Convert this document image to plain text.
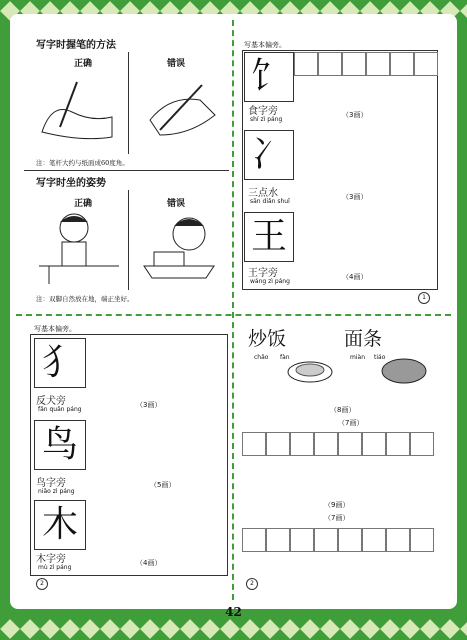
写字时握笔的方法
正确	错误
注：笔杆大约与纸面成60度角。
写字时坐的姿势
正确	错误
注：双脚自然放在地，端正坐好。
写基本偏旁。
饣
食字旁
shí zì páng
（3画）
冫
三点水
sān diǎn shuǐ
（3画）
王
王字旁
wáng zì páng
（4画）
1
写基本偏旁。
犭
反犬旁
fǎn quǎn páng
（3画）
鸟
鸟字旁
niǎo zì páng
（5画）
木
木字旁
mù zì páng
（4画）
2
炒饭
chǎo fàn
面条
miàn tiáo
（8画）
（7画）
（9画）
（7画）
2
42
